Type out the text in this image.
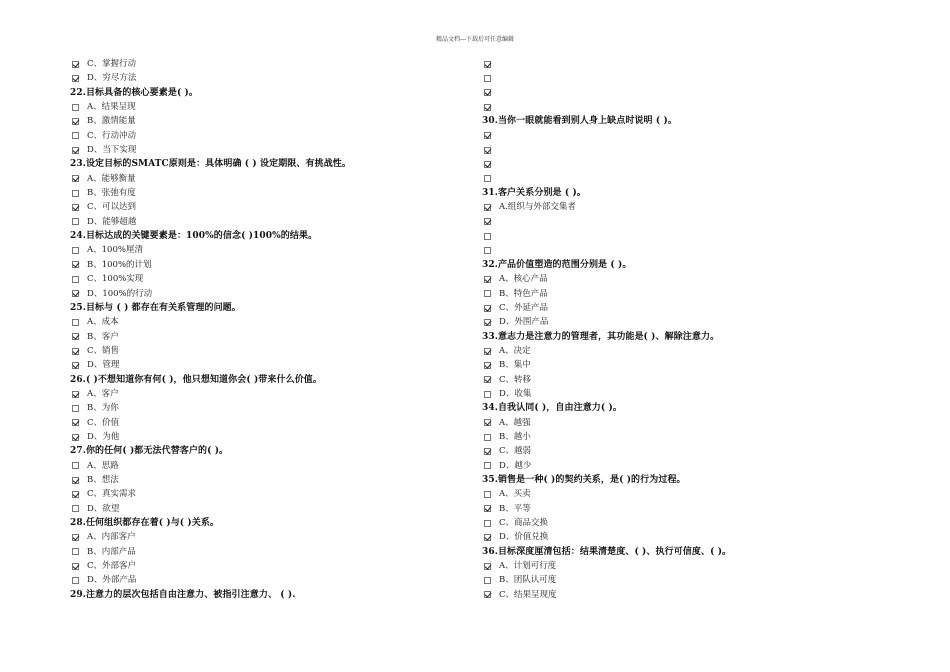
精品文档---下载后可任意编辑
C、掌握行动
D、穷尽方法
22.目标具备的核心要素是( )。
A、结果呈现
B、激情能量
C、行动冲动
D、当下实现
23.设定目标的SMATC原则是：具体明确 ( ) 设定期限、有挑战性。
A、能够衡量
B、张弛有度
C、可以达到
D、能够超越
24.目标达成的关键要素是：100%的信念( )100%的结果。
A、100%厘清
B、100%的计划
C、100%实现
D、100%的行动
25.目标与 ( ) 都存在有关系管理的问题。
A、成本
B、客户
C、销售
D、管理
26.( )不想知道你有何( )，他只想知道你会( )带来什么价值。
A、客户
B、为你
C、价值
D、为他
27.你的任何( )都无法代替客户的( )。
A、思路
B、想法
C、真实需求
D、欲望
28.任何组织都存在着( )与( )关系。
A、内部客户
B、内部产品
C、外部客户
D、外部产品
29.注意力的层次包括自由注意力、被指引注意力、 ( ).
30.当你一眼就能看到别人身上缺点时说明 ( )。
31.客户关系分别是 ( )。
A.组织与外部交集者
32.产品价值塑造的范围分别是 ( )。
A、核心产品
B、特色产品
C、外延产品
D、外围产品
33.意志力是注意力的管理者，其功能是( )、解除注意力。
A、决定
B、集中
C、转移
D、收集
34.自我认同( )，自由注意力( )。
A、越强
B、越小
C、越弱
D、越少
35.销售是一种( )的契约关系，是( )的行为过程。
A、买卖
B、平等
C、商品交换
D、价值兑换
36.目标深度厘清包括：结果清楚度、( )、执行可信度、( )。
A、计划可行度
B、团队认可度
C、结果呈现度
